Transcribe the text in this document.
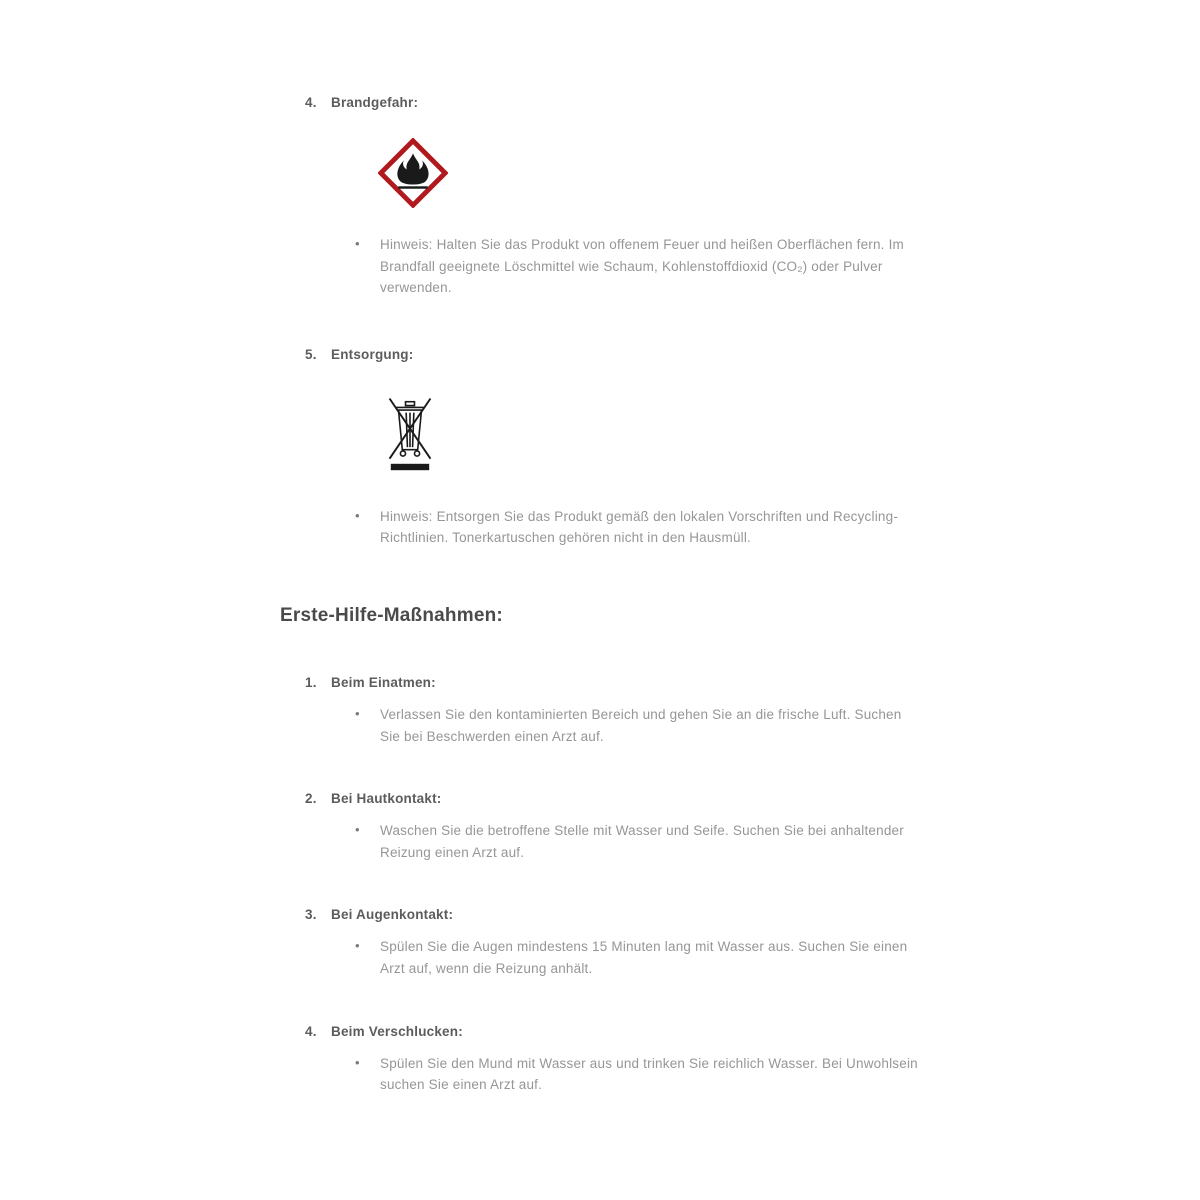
4.	Brandgefahr:
•	Hinweis: Halten Sie das Produkt von offenem Feuer und heißen Oberflächen fern. Im Brandfall geeignete Löschmittel wie Schaum, Kohlenstoffdioxid (CO₂) oder Pulver verwenden.

5.	Entsorgung:
•	Hinweis: Entsorgen Sie das Produkt gemäß den lokalen Vorschriften und Recycling-Richtlinien. Tonerkartuschen gehören nicht in den Hausmüll.

Erste-Hilfe-Maßnahmen:
1.	Beim Einatmen:
•	Verlassen Sie den kontaminierten Bereich und gehen Sie an die frische Luft. Suchen Sie bei Beschwerden einen Arzt auf.

2.	Bei Hautkontakt:
•	Waschen Sie die betroffene Stelle mit Wasser und Seife. Suchen Sie bei anhaltender Reizung einen Arzt auf.

3.	Bei Augenkontakt:
•	Spülen Sie die Augen mindestens 15 Minuten lang mit Wasser aus. Suchen Sie einen Arzt auf, wenn die Reizung anhält.

4.	Beim Verschlucken:
•	Spülen Sie den Mund mit Wasser aus und trinken Sie reichlich Wasser. Bei Unwohlsein suchen Sie einen Arzt auf.
